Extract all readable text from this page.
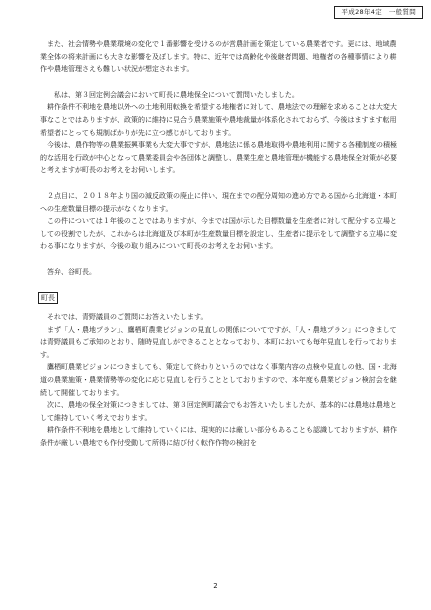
平成28年4定　一般質問

また、社会情勢や農業環境の変化で１番影響を受けるのが営農計画を策定している農業者です。更には、地域農業全体の将来計画にも大きな影響を及ぼします。特に、近年では高齢化や後継者問題、地権者の各種事情により耕作や農地管理さえも難しい状況が想定されます。

私は、第３回定例会議会において町長に農地保全について質問いたしました。

耕作条件不利地を農地以外への土地利用転換を希望する地権者に対して、農地法での理解を求めることは大変大事なことではありますが、政策的に維持に見合う農業施策や農地裁量が体系化されておらず、今後はますます転用希望者にとっても規制ばかりが先に立つ感じがしております。

今後は、農作物等の農業振興事業も大変大事ですが、農地法に係る農地取得や農地利用に関する各種制度の積極的な活用を行政が中心となって農業委員会や各団体と調整し、農業生産と農地管理が機能する農地保全対策が必要と考えますが町長のお考えをお伺いします。

２点目に、２０１８年より国の減反政策の廃止に伴い、現在までの配分周知の進め方である国から北海道・本町への生産数量目標の提示がなくなります。

この件については１年後のことではありますが、今までは国が示した目標数量を生産者に対して配分する立場としての役割でしたが、これからは北海道及び本町が生産数量目標を設定し、生産者に提示をして調整する立場に変わる事になりますが、今後の取り組みについて町長のお考えをお伺います。

答弁、谷町長。

町長

それでは、青野議員のご質問にお答えいたします。

まず「人・農地プラン」、鷹栖町農業ビジョンの見直しの関係についてですが、「人・農地プラン」につきましては青野議員もご承知のとおり、随時見直しができることとなっており、本町においても毎年見直しを行っております。

鷹栖町農業ビジョンにつきましても、策定して終わりというのではなく事業内容の点検や見直しの他、国・北海道の農業施策・農業情勢等の変化に応じ見直しを行うこととしておりますので、本年度も農業ビジョン検討会を継続して開催しております。

次に、農地の保全対策につきましては、第３回定例町議会でもお答えいたしましたが、基本的には農地は農地として維持していく考えでおります。

耕作条件不利地を農地として維持していくには、現実的には厳しい部分もあることも認識しておりますが、耕作条件が厳しい農地でも作付受動して所得に結び付く転作作物の検討を

2
